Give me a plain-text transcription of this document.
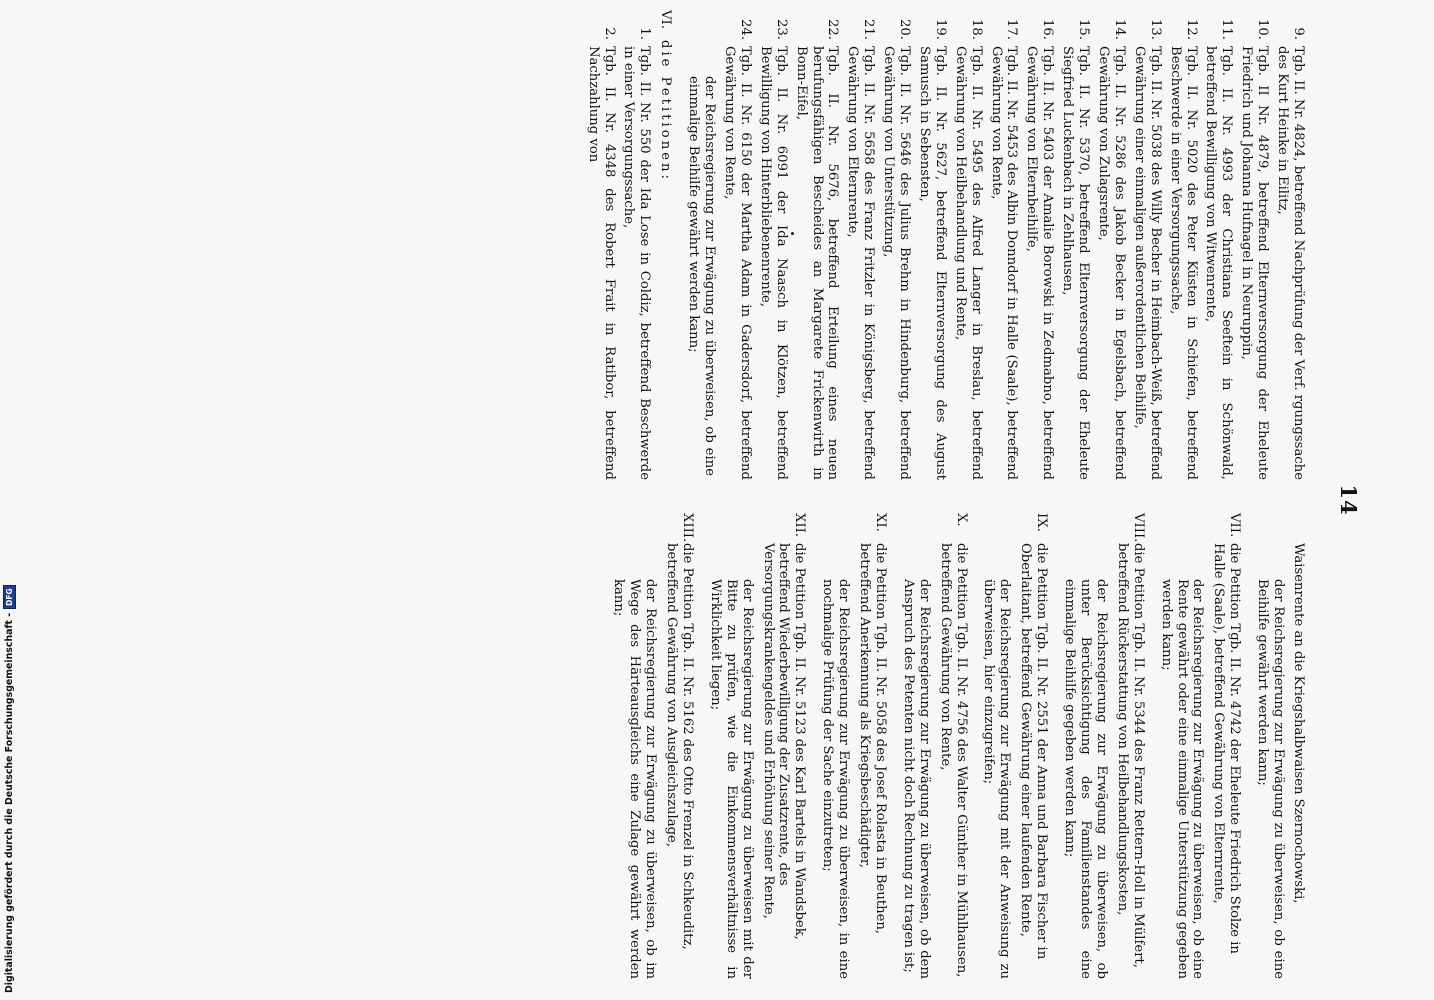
14
9.
Tgb. II. Nr. 4824, betreffend Nachprüfung der Verf. rgungssache des Kurt Heinke in Eilitz,
10.
Tgb. II Nr. 4879, betreffend Elternversorgung der Eheleute Friedrich und Johanna Hufnagel in Neuruppin,
11.
Tgb. II. Nr. 4993 der Christiana Seeftein in Schönwald, betreffend Bewilligung von Witwenrente,
12.
Tgb. II. Nr. 5020 des Peter Küsten in Schiefen, betreffend Beschwerde in einer Versorgungssache,
13.
Tgb. II. Nr. 5038 des Willy Becher in Heimbach-Weiß, betreffend Gewährung einer einmaligen außerordentlichen Beihilfe,
14.
Tgb. II. Nr. 5286 des Jakob Becker in Egelsbach, betreffend Gewährung von Zulagsrente,
15.
Tgb. II. Nr. 5370, betreffend Elternversorgung der Eheleute Siegfried Luckenbach in Zehlhausen,
16.
Tgb. II. Nr. 5403 der Amalie Borowski in Zedmabno, betreffend Gewährung von Elternbeihilfe,
17.
Tgb. II. Nr. 5453 des Albin Donndorf in Halle (Saale), betreffend Gewährung von Rente,
18.
Tgb. II. Nr. 5495 des Alfred Langer in Breslau, betreffend Gewährung von Heilbehandlung und Rente,
19.
Tgb. II. Nr. 5627, betreffend Elternversorgung des August Samusch in Sebensten,
20.
Tgb. II. Nr. 5646 des Julius Brehm in Hindenburg, betreffend Gewährung von Unterstützung,
21.
Tgb. II. Nr. 5658 des Franz Fritzler in Königsberg, betreffend Gewährung von Elternrente,
22.
Tgb. II. Nr. 5676, betreffend Erteilung eines neuen berufungsfähigen Bescheides an Margarete Frickenwirth in Bonn-Eifel,
23.
Tgb. II. Nr. 6091 der Ida Naasch in Klötzen, betreffend Bewilligung von Hinterbliebenenrente,
24.
Tgb. II. Nr. 6150 der Martha Adam in Gadersdorf, betreffend Gewährung von Rente,
der Reichsregierung zur Erwägung zu überweisen, ob eine einmalige Beihilfe gewährt werden kann;
VI.
die Petitionen:
1.
Tgb. II. Nr. 550 der Ida Lose in Coldiz, betreffend Beschwerde in einer Versorgungssache,
2.
Tgb. II. Nr. 4348 des Robert Frait in Ratibor, betreffend Nachzahlung von
Waisenrente an die Kriegshalbwaisen Szernochowski,
der Reichsregierung zur Erwägung zu überweisen, ob eine Beihilfe gewährt werden kann;
VII.
die Petition Tgb. II. Nr. 4742 der Eheleute Friedrich Stolze in Halle (Saale), betreffend Gewährung von Elternrente,
der Reichsregierung zur Erwägung zu überweisen, ob eine Rente gewährt oder eine einmalige Unterstützung gegeben werden kann;
VIII.
die Petition Tgb. II. Nr. 5344 des Franz Rettern-Holl in Mülfert, betreffend Rückerstattung von Heilbehandlungskosten,
der Reichsregierung zur Erwägung zu überweisen, ob unter Berücksichtigung des Familienstandes eine einmalige Beihilfe gegeben werden kann;
IX.
die Petition Tgb. II. Nr. 2551 der Anna und Barbara Fischer in Oberlaitant, betreffend Gewährung einer laufenden Rente,
der Reichsregierung zur Erwägung mit der Anweisung zu überweisen, hier einzugreifen;
X.
die Petition Tgb. II. Nr. 4756 des Walter Günther in Mühlhausen, betreffend Gewährung von Rente,
der Reichsregierung zur Erwägung zu überweisen, ob dem Anspruch des Petenten nicht doch Rechnung zu tragen ist;
XI.
die Petition Tgb. II. Nr. 5058 des Josef Rolasta in Beuthen, betreffend Anerkennung als Kriegsbeschädigter,
der Reichsregierung zur Erwägung zu überweisen, in eine nochmalige Prüfung der Sache einzutreten;
XII.
die Petition Tgb. II. Nr. 5123 des Karl Bartels in Wandsbek, betreffend Wiederbewilligung der Zusatzrente, des Versorgungskrankengeldes und Erhöhung seiner Rente,
der Reichsregierung zur Erwägung zu überweisen mit der Bitte zu prüfen, wie die Einkommensverhältnisse in Wirklichkeit liegen;
XIII.
die Petition Tgb. II. Nr. 5162 des Otto Frenzel in Schkeuditz, betreffend Gewährung von Ausgleichszulage,
der Reichsregierung zur Erwägung zu überweisen, ob im Wege des Härteausgleichs eine Zulage gewährt werden kann;
Digitalisierung gefördert durch die Deutsche Forschungsgemeinschaft -
DFG
